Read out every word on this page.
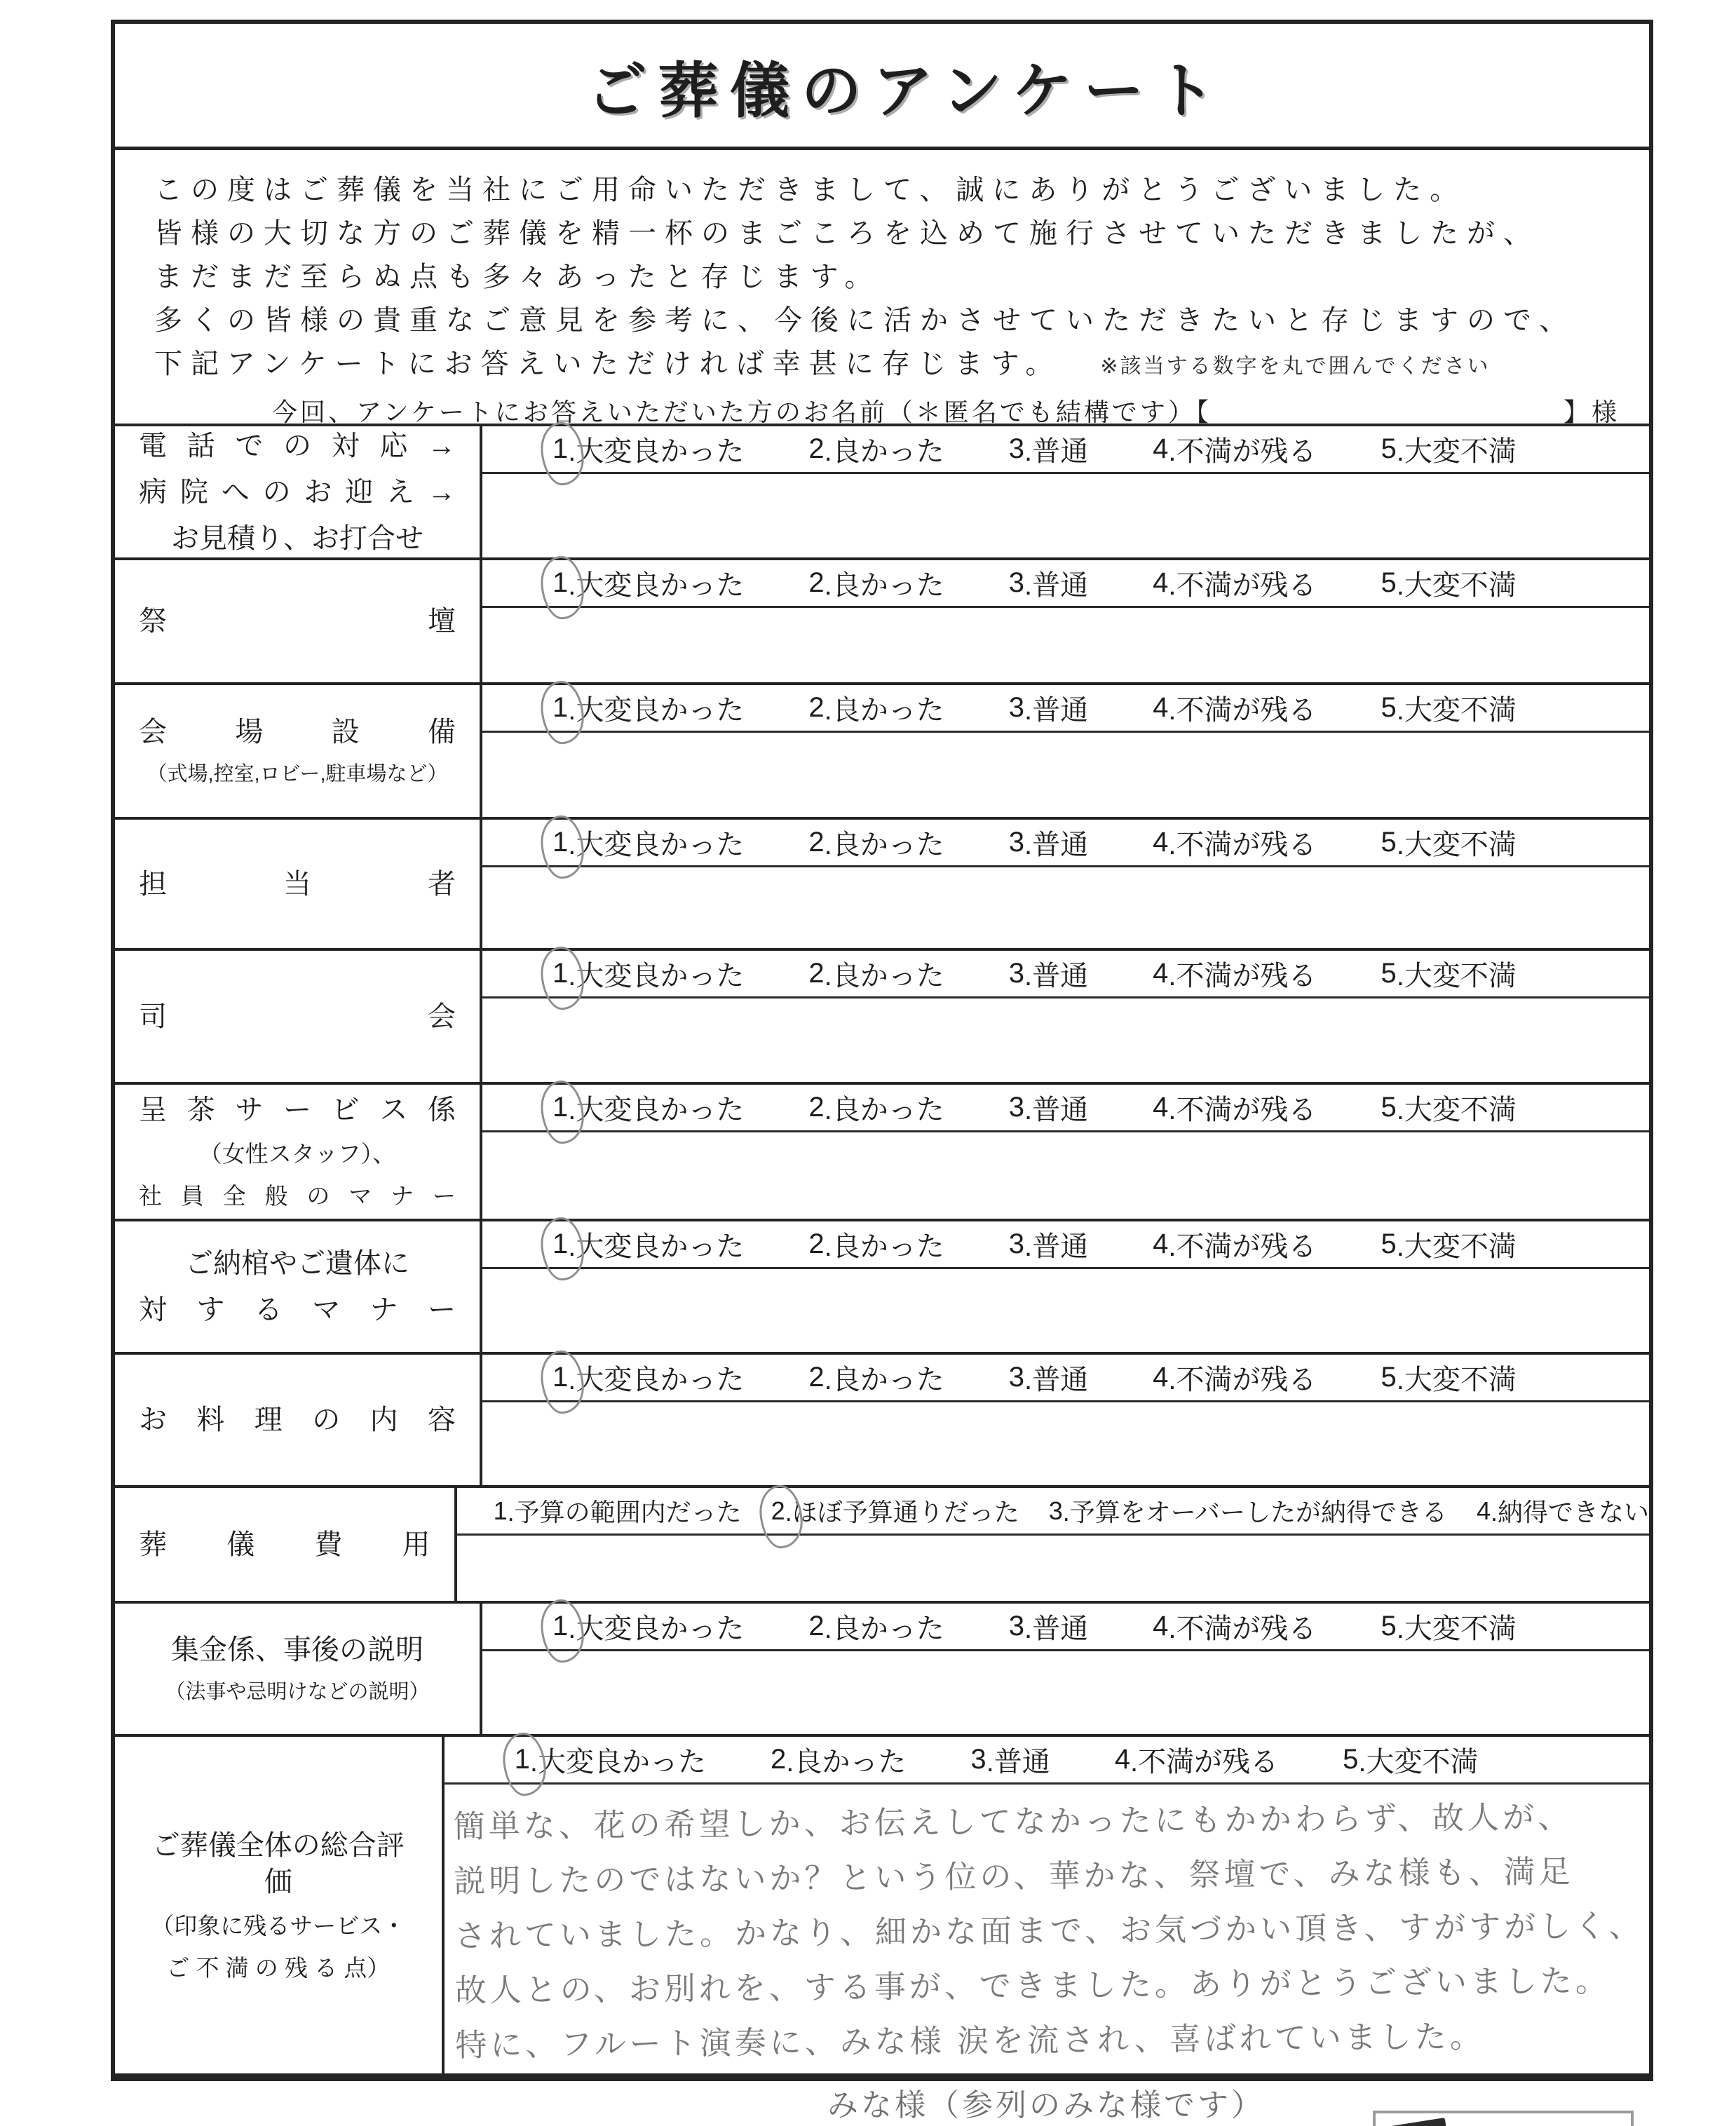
ご葬儀のアンケート

この度はご葬儀を当社にご用命いただきまして、誠にありがとうございました。

皆様の大切な方のご葬儀を精一杯のまごころを込めて施行させていただきましたが、

まだまだ至らぬ点も多々あったと存じます。

多くの皆様の貴重なご意見を参考に、今後に活かさせていただきたいと存じますので、

下記アンケートにお答えいただければ幸甚に存じます。 ※該当する数字を丸で囲んでください

今回、アンケートにお答えいただいた方のお名前（＊匿名でも結構です）【	】様
電 話 で の 対 応 →
病院へのお迎え→
お見積り、お打合せ
1 .大変良かった 2 .良かった 3 .普通 4 .不満が残る 5 .大変不満
祭 壇
1 .大変良かった 2 .良かった 3 .普通 4 .不満が残る 5 .大変不満
会 場 設 備
（式場,控室,ロビー,駐車場など）
1 .大変良かった 2 .良かった 3 .普通 4 .不満が残る 5 .大変不満
担 当 者
1 .大変良かった 2 .良かった 3 .普通 4 .不満が残る 5 .大変不満
司 会
1 .大変良かった 2 .良かった 3 .普通 4 .不満が残る 5 .大変不満
呈 茶 サ ー ビ ス 係
（女性スタッフ）、
社 員 全 般 の マ ナ ー
1 .大変良かった 2 .良かった 3 .普通 4 .不満が残る 5 .大変不満
ご納棺やご遺体に
対 す る マ ナ ー
1 .大変良かった 2 .良かった 3 .普通 4 .不満が残る 5 .大変不満
お 料 理 の 内 容
1 .大変良かった 2 .良かった 3 .普通 4 .不満が残る 5 .大変不満
葬 儀 費 用
1 .予算の範囲内だった 2 .ほぼ予算通りだった 3 .予算をオーバーしたが納得できる 4 .納得できない
集金係、事後の説明
（法事や忌明けなどの説明）
1 .大変良かった 2 .良かった 3 .普通 4 .不満が残る 5 .大変不満
ご葬儀全体の総合評価
（印象に残るサービス・
ご 不 満 の 残 る 点）
1 .大変良かった 2 .良かった 3 .普通 4 .不満が残る 5 .大変不満

簡単な、花の希望しか、お伝えしてなかったにもかかわらず、故人が、

説明したのではないか？という位の、華かな、祭壇で、みな様も、満足

されていました。かなり、細かな面まで、お気づかい頂き、すがすがしく、

故人との、お別れを、する事が、できました。ありがとうございました。

特に、フルート演奏に、みな様 涙を流され、喜ばれていました。

みな様（参列のみな様です）
